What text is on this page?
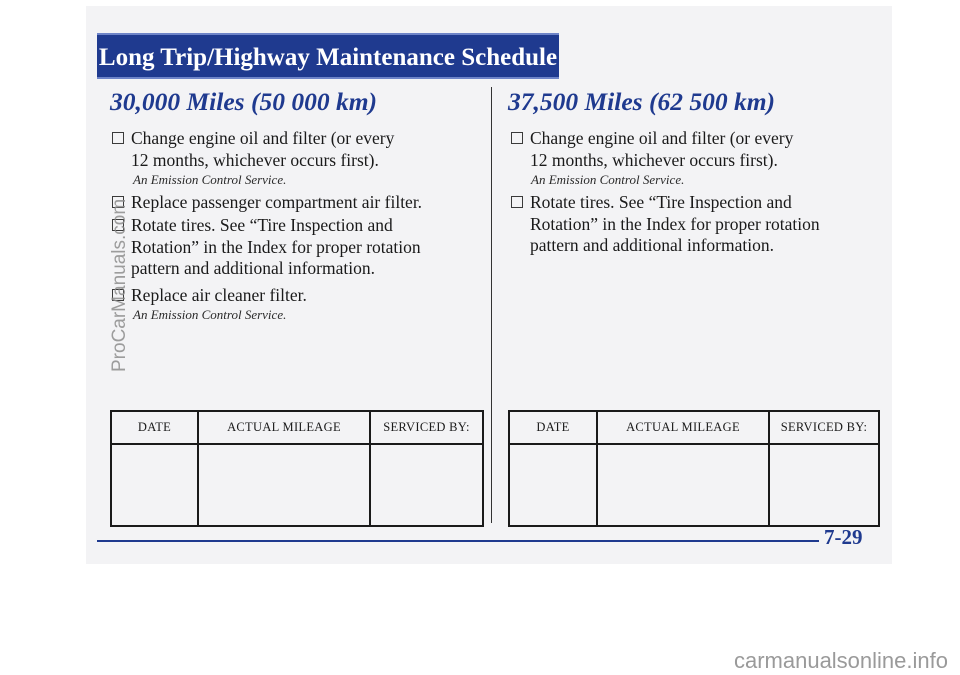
Long Trip/Highway Maintenance Schedule
30,000 Miles (50 000 km)
Change engine oil and filter (or every
12 months, whichever occurs first).
An Emission Control Service.
Replace passenger compartment air filter.
Rotate tires. See “Tire Inspection and
Rotation” in the Index for proper rotation
pattern and additional information.
Replace air cleaner filter.
An Emission Control Service.
DATE	ACTUAL MILEAGE	SERVICED BY:

37,500 Miles (62 500 km)
Change engine oil and filter (or every
12 months, whichever occurs first).
An Emission Control Service.
Rotate tires. See “Tire Inspection and
Rotation” in the Index for proper rotation
pattern and additional information.
DATE	ACTUAL MILEAGE	SERVICED BY:

7-29
ProCarManuals.com
carmanualsonline.info
